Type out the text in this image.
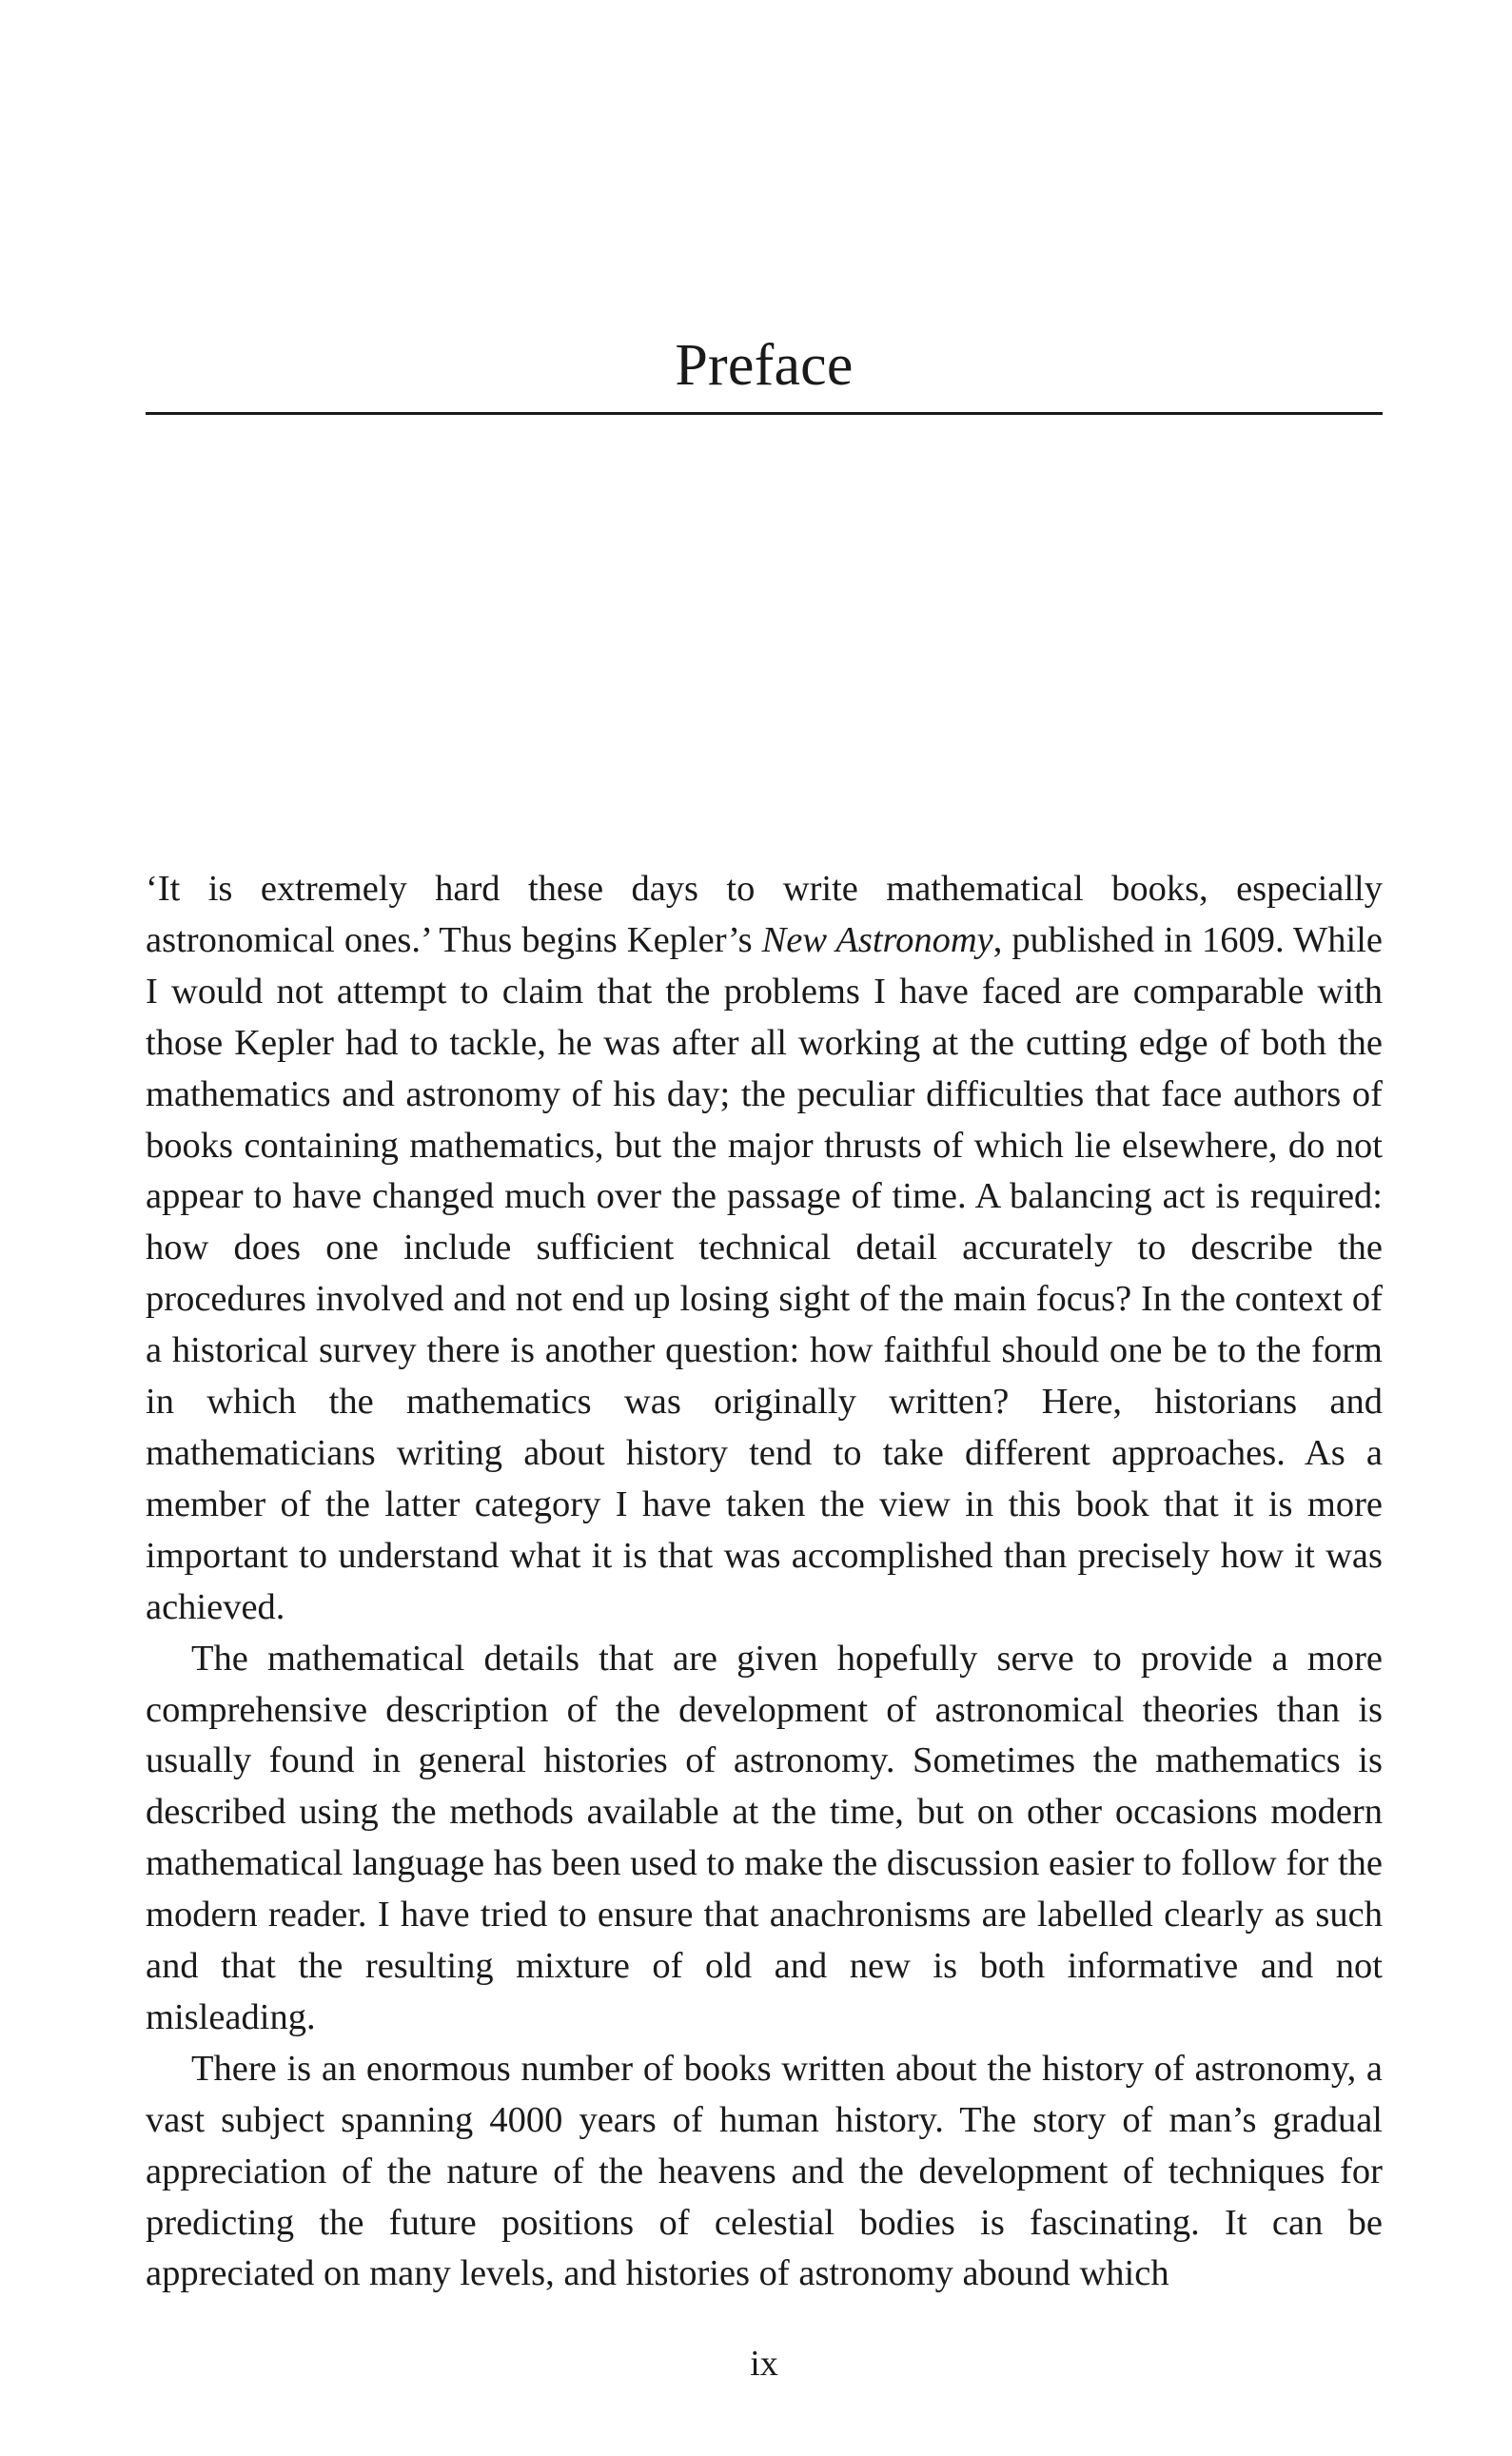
Preface

‘It is extremely hard these days to write mathematical books, especially astronomical ones.’ Thus begins Kepler’s New Astronomy, published in 1609. While I would not attempt to claim that the problems I have faced are comparable with those Kepler had to tackle, he was after all working at the cutting edge of both the mathematics and astronomy of his day; the peculiar difficulties that face authors of books containing mathematics, but the major thrusts of which lie elsewhere, do not appear to have changed much over the passage of time. A balancing act is required: how does one include sufficient technical detail accurately to describe the procedures involved and not end up losing sight of the main focus? In the context of a historical survey there is another question: how faithful should one be to the form in which the mathematics was originally written? Here, historians and mathematicians writing about history tend to take different approaches. As a member of the latter category I have taken the view in this book that it is more important to understand what it is that was accomplished than precisely how it was achieved.

The mathematical details that are given hopefully serve to provide a more comprehensive description of the development of astronomical theories than is usually found in general histories of astronomy. Sometimes the mathematics is described using the methods available at the time, but on other occasions modern mathematical language has been used to make the discussion easier to follow for the modern reader. I have tried to ensure that anachronisms are labelled clearly as such and that the resulting mixture of old and new is both informative and not misleading.

There is an enormous number of books written about the history of astronomy, a vast subject spanning 4000 years of human history. The story of man’s gradual appreciation of the nature of the heavens and the development of techniques for predicting the future positions of celestial bodies is fascinating. It can be appreciated on many levels, and histories of astronomy abound which

ix
